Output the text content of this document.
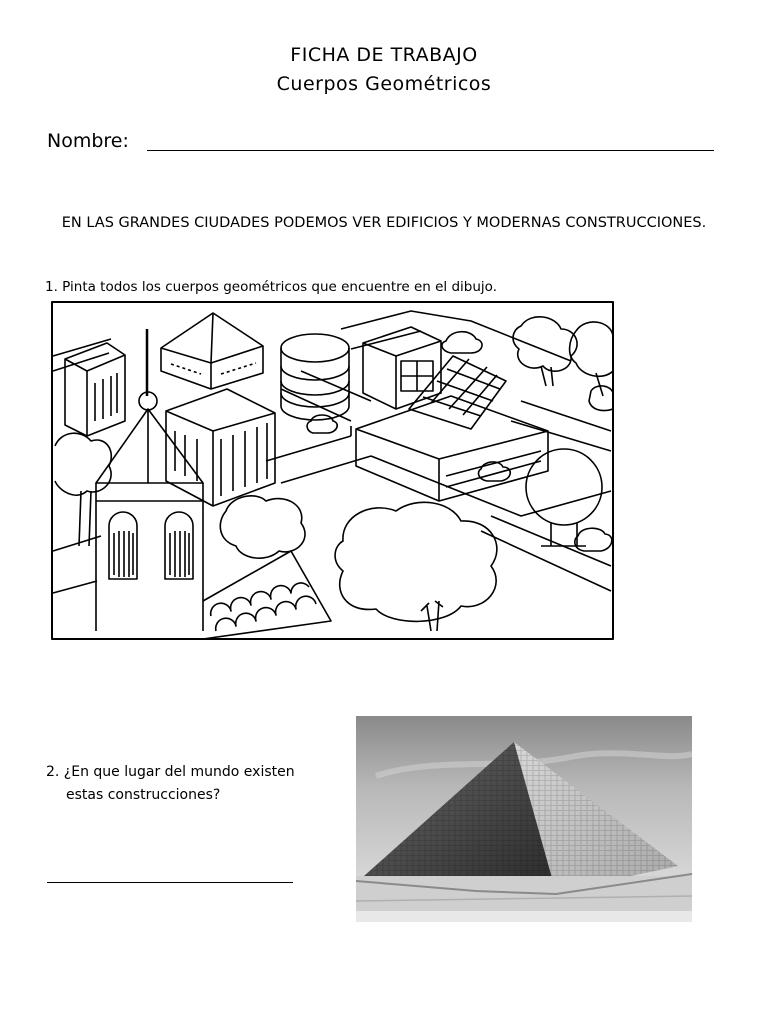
FICHA DE TRABAJO
Cuerpos Geométricos
Nombre:
EN LAS GRANDES CIUDADES PODEMOS VER EDIFICIOS Y MODERNAS CONSTRUCCIONES.
1. Pinta todos los cuerpos geométricos que encuentre en el dibujo.
2. ¿En que lugar del mundo existen
estas construcciones?
